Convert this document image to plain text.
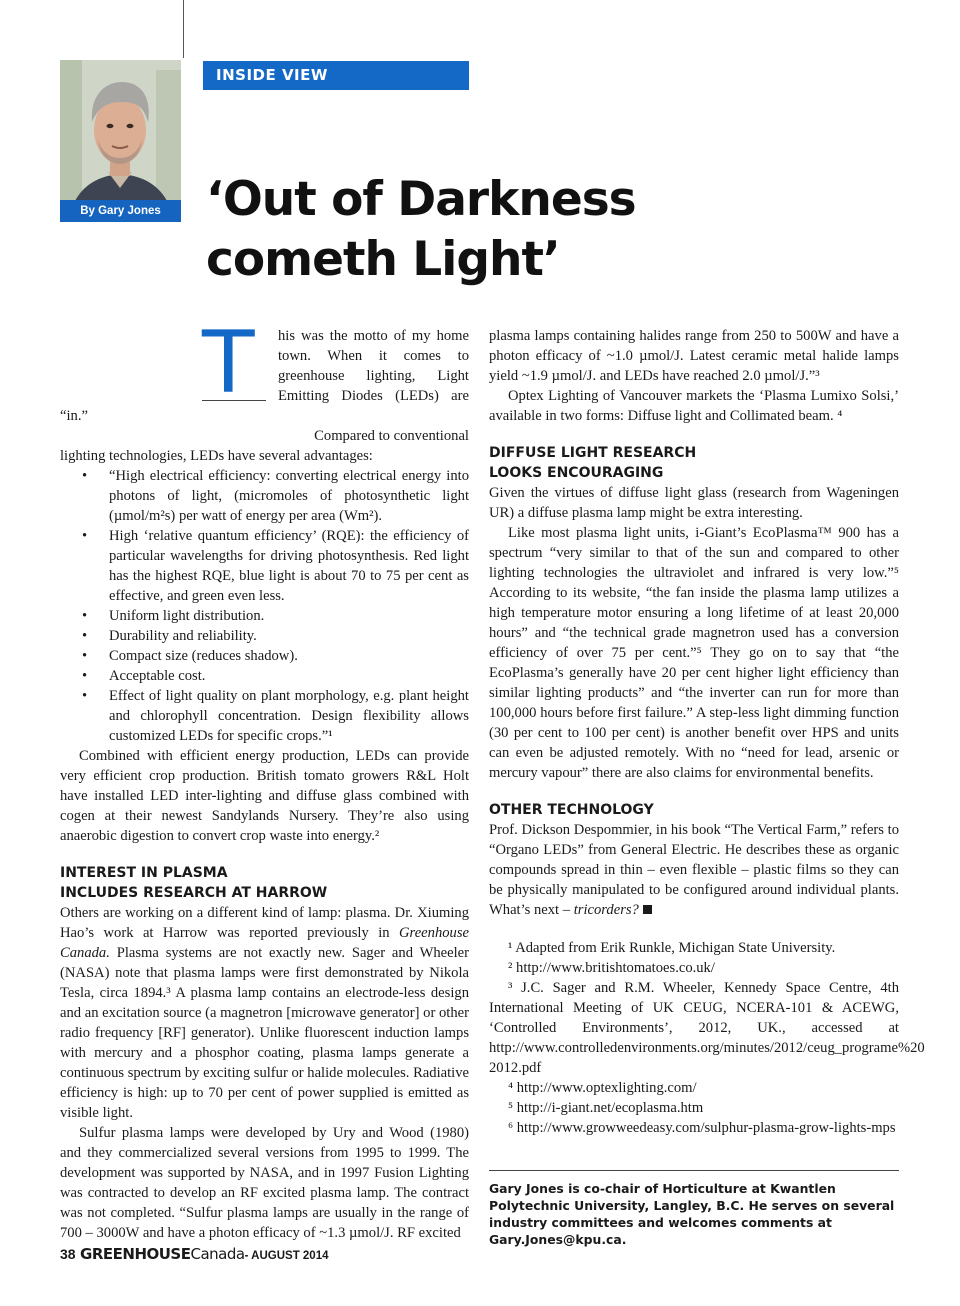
By Gary Jones
INSIDE VIEW
‘Out of Darkness
cometh Light’

T	his was the motto of my home town. When it comes to greenhouse lighting, Light Emitting Diodes (LEDs) are “in.”

Compared to conventional

lighting technologies, LEDs have several advantages:

• “High electrical efficiency: converting electrical energy into photons of light, (micromoles of photosynthetic light (µmol/m²s) per watt of energy per area (Wm²).
• High ‘relative quantum efficiency’ (RQE): the efficiency of particular wavelengths for driving photosynthesis. Red light has the highest RQE, blue light is about 70 to 75 per cent as effective, and green even less.
• Uniform light distribution.
• Durability and reliability.
• Compact size (reduces shadow).
• Acceptable cost.
• Effect of light quality on plant morphology, e.g. plant height and chlorophyll concentration. Design flexibility allows customized LEDs for specific crops.”¹

Combined with efficient energy production, LEDs can provide very efficient crop production. British tomato growers R&L Holt have installed LED inter-lighting and diffuse glass combined with cogen at their newest Sandylands Nursery. They’re also using anaerobic digestion to convert crop waste into energy.²

INTEREST IN PLASMA
INCLUDES RESEARCH AT HARROW

Others are working on a different kind of lamp: plasma. Dr. Xiuming Hao’s work at Harrow was reported previously in Greenhouse Canada. Plasma systems are not exactly new. Sager and Wheeler (NASA) note that plasma lamps were first demonstrated by Nikola Tesla, circa 1894.³ A plasma lamp contains an electrode-less design and an excitation source (a magnetron [microwave generator] or other radio frequency [RF] generator). Unlike fluorescent induction lamps with mercury and a phosphor coating, plasma lamps generate a continuous spectrum by exciting sulfur or halide molecules. Radiative efficiency is high: up to 70 per cent of power supplied is emitted as visible light.

Sulfur plasma lamps were developed by Ury and Wood (1980) and they commercialized several versions from 1995 to 1999. The development was supported by NASA, and in 1997 Fusion Lighting was contracted to develop an RF excited plasma lamp. The contract was not completed. “Sulfur plasma lamps are usually in the range of 700 – 3000W and have a photon efficacy of ~1.3 µmol/J. RF excited

plasma lamps containing halides range from 250 to 500W and have a photon efficacy of ~1.0 µmol/J. Latest ceramic metal halide lamps yield ~1.9 µmol/J. and LEDs have reached 2.0 µmol/J.”³

Optex Lighting of Vancouver markets the ‘Plasma Lumixo Solsi,’ available in two forms: Diffuse light and Collimated beam. ⁴

DIFFUSE LIGHT RESEARCH
LOOKS ENCOURAGING

Given the virtues of diffuse light glass (research from Wageningen UR) a diffuse plasma lamp might be extra interesting.

Like most plasma light units, i-Giant’s EcoPlasma™ 900 has a spectrum “very similar to that of the sun and compared to other lighting technologies the ultraviolet and infrared is very low.”⁵ According to its website, “the fan inside the plasma lamp utilizes a high temperature motor ensuring a long lifetime of at least 20,000 hours” and “the technical grade magnetron used has a conversion efficiency of over 75 per cent.”⁵ They go on to say that “the EcoPlasma’s generally have 20 per cent higher light efficiency than similar lighting products” and “the inverter can run for more than 100,000 hours before first failure.” A step-less light dimming function (30 per cent to 100 per cent) is another benefit over HPS and units can even be adjusted remotely. With no “need for lead, arsenic or mercury vapour” there are also claims for environmental benefits.

OTHER TECHNOLOGY

Prof. Dickson Despommier, in his book “The Vertical Farm,” refers to “Organo LEDs” from General Electric. He describes these as organic compounds spread in thin – even flexible – plastic films so they can be physically manipulated to be configured around individual plants. What’s next – tricorders?

¹ Adapted from Erik Runkle, Michigan State University.

² http://www.britishtomatoes.co.uk/

³ J.C. Sager and R.M. Wheeler, Kennedy Space Centre, 4th International Meeting of UK CEUG, NCERA-101 & ACEWG, ‘Controlled Environments’, 2012, UK., accessed at http://www.controlledenvironments.org/minutes/2012/ceug_programe%20 2012.pdf

⁴ http://www.optexlighting.com/

⁵ http://i-giant.net/ecoplasma.htm

⁶ http://www.growweedeasy.com/sulphur-plasma-grow-lights-mps

Gary Jones is co-chair of Horticulture at Kwantlen Polytechnic University, Langley, B.C. He serves on several industry committees and welcomes comments at Gary.Jones@kpu.ca.
38 GREENHOUSECanada- AUGUST 2014
